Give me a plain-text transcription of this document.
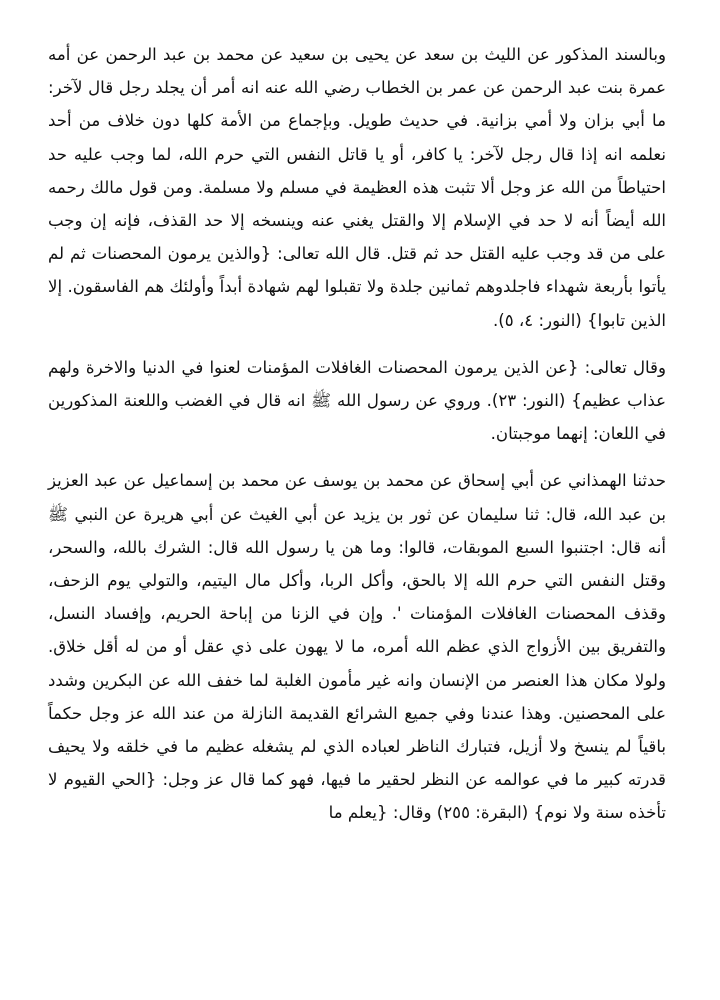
وبالسند المذكور عن الليث بن سعد عن يحيى بن سعيد عن محمد بن عبد الرحمن عن أمه عمرة بنت عبد الرحمن عن عمر بن الخطاب رضي الله عنه انه أمر أن يجلد رجل قال لآخر: ما أبي بزان ولا أمي بزانية. في حديث طويل. وبإجماع من الأمة كلها دون خلاف من أحد نعلمه انه إذا قال رجل لآخر: يا كافر، أو يا قاتل النفس التي حرم الله، لما وجب عليه حد احتياطاً من الله عز وجل ألا تثبت هذه العظيمة في مسلم ولا مسلمة. ومن قول مالك رحمه الله أيضاً أنه لا حد في الإسلام إلا والقتل يغني عنه وينسخه إلا حد القذف، فإنه إن وجب على من قد وجب عليه القتل حد ثم قتل. قال الله تعالى: {والذين يرمون المحصنات ثم لم يأتوا بأربعة شهداء فاجلدوهم ثمانين جلدة ولا تقبلوا لهم شهادة أبداً وأولئك هم الفاسقون. إلا الذين تابوا} (النور: ٤، ٥).

وقال تعالى: {عن الذين يرمون المحصنات الغافلات المؤمنات لعنوا في الدنيا والاخرة ولهم عذاب عظيم} (النور: ٢٣). وروي عن رسول الله ﷺ انه قال في الغضب واللعنة المذكورين في اللعان: إنهما موجبتان.

حدثنا الهمذاني عن أبي إسحاق عن محمد بن يوسف عن محمد بن إسماعيل عن عبد العزيز بن عبد الله، قال: ثنا سليمان عن ثور بن يزيد عن أبي الغيث عن أبي هريرة عن النبي ﷺ أنه قال: اجتنبوا السبع الموبقات، قالوا: وما هن يا رسول الله قال: الشرك بالله، والسحر، وقتل النفس التي حرم الله إلا بالحق، وأكل الربا، وأكل مال اليتيم، والتولي يوم الزحف، وقذف المحصنات الغافلات المؤمنات '. وإن في الزنا من إباحة الحريم، وإفساد النسل، والتفريق بين الأزواج الذي عظم الله أمره، ما لا يهون على ذي عقل أو من له أقل خلاق. ولولا مكان هذا العنصر من الإنسان وانه غير مأمون الغلبة لما خفف الله عن البكرين وشدد على المحصنين. وهذا عندنا وفي جميع الشرائع القديمة النازلة من عند الله عز وجل حكماً باقياً لم ينسخ ولا أزيل، فتبارك الناظر لعباده الذي لم يشغله عظيم ما في خلقه ولا يحيف قدرته كبير ما في عوالمه عن النظر لحقير ما فيها، فهو كما قال عز وجل: {الحي القيوم لا تأخذه سنة ولا نوم} (البقرة: ٢٥٥) وقال: {يعلم ما
